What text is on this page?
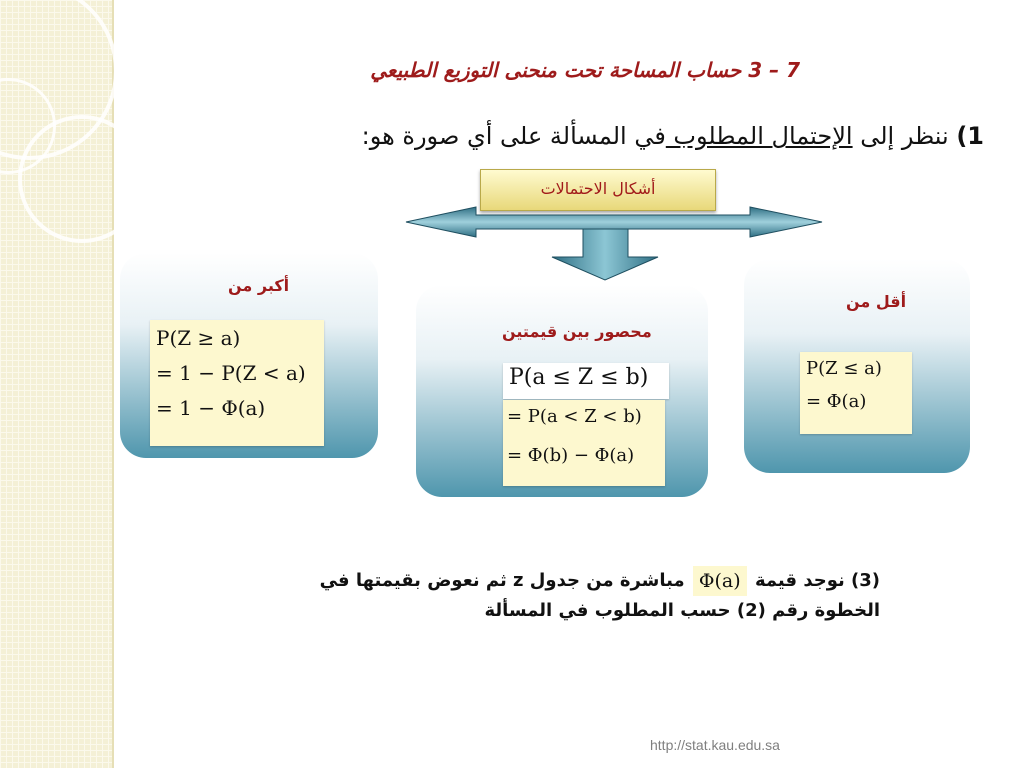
7 – 3 حساب المساحة تحت منحنى التوزيع الطبيعي
1) ننظر إلى الإحتمال المطلوب في المسألة على أي صورة هو:
أشكال الاحتمالات
أكبر من
محصور بين قيمتين
أقل من
P(Z ≥ a)
= 1 − P(Z < a)
= 1 − Φ(a)
P(a ≤ Z ≤ b)
= P(a < Z < b)
= Φ(b) − Φ(a)
P(Z ≤ a)
= Φ(a)
(3) نوجد قيمة Φ(a) مباشرة من جدول z ثم نعوض بقيمتها في الخطوة رقم (2) حسب المطلوب في المسألة
http://stat.kau.edu.sa
